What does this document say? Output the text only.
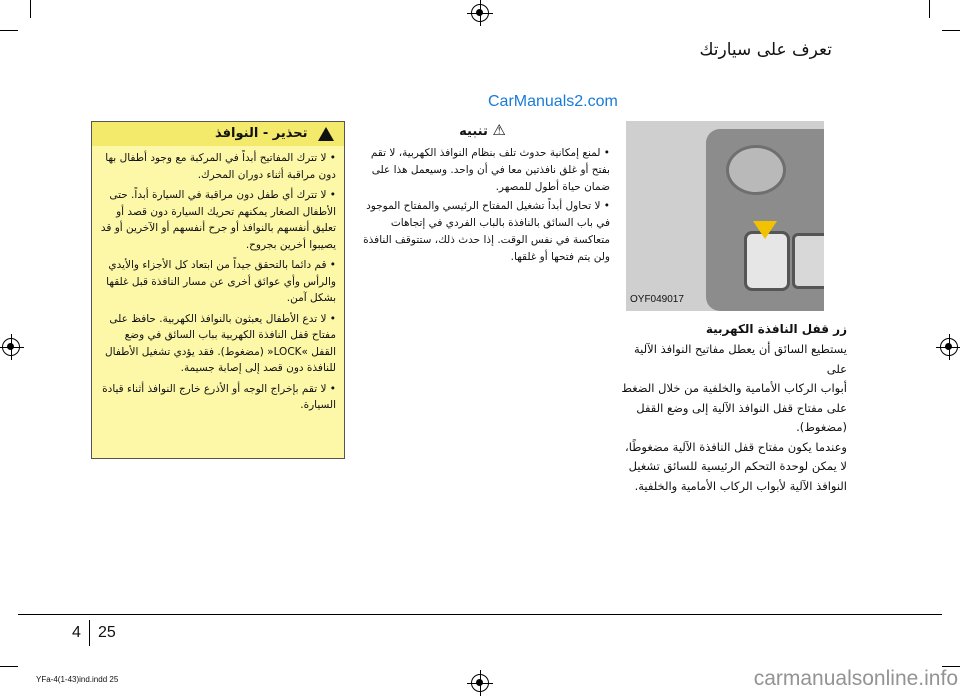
تعرف على سيارتك
CarManuals2.com
OYF049017
⚠ تنبيه
• لمنع إمكانية حدوث تلف بنظام النوافذ الكهربية، لا تقم بفتح أو غلق نافذتين معا في أن واحد. وسيعمل هذا على ضمان حياة أطول للمصهر.
• لا تحاول أبداً تشغيل المفتاح الرئيسي والمفتاح الموجود في باب السائق بالنافذة بالباب الفردي في إتجاهات متعاكسة في نفس الوقت. إذا حدث ذلك، ستتوقف النافذة ولن يتم فتحها أو غلقها.
تحذير - النوافذ
• لا تترك المفاتيح أبداً في المركبة مع وجود أطفال بها دون مراقبة أثناء دوران المحرك.
• لا تترك أي طفل دون مراقبة في السيارة أبداً. حتى الأطفال الصغار يمكنهم تحريك السيارة دون قصد أو تعليق أنفسهم بالنوافذ أو جرح أنفسهم أو الآخرين أو قد يصيبوا أخرين بجروح.
• قم دائما بالتحقق جيداً من ابتعاد كل الأجزاء والأيدي والرأس وأي عوائق أخرى عن مسار النافذة قبل غلقها بشكل آمن.
• لا تدع الأطفال يعبثون بالنوافذ الكهربية. حافظ على مفتاح قفل النافذة الكهربية بباب السائق في وضع القفل »LOCK« (مضغوط). فقد يؤدي تشغيل الأطفال للنافذة دون قصد إلى إصابة جسيمة.
• لا تقم بإخراج الوجه أو الأذرع خارج النوافذ أثناء قيادة السيارة.
زر قفل النافذة الكهربية

يستطيع السائق أن يعطل مفاتيح النوافذ الآلية على

أبواب الركاب الأمامية والخلفية من خلال الضغط

على مفتاح قفل النوافذ الآلية إلى وضع القفل

(مضغوط).

وعندما يكون مفتاح قفل النافذة الآلية مضغوطًا،

لا يمكن لوحدة التحكم الرئيسية للسائق تشغيل

النوافذ الآلية لأبواب الركاب الأمامية والخلفية.

4 25
YFa-4(1-43)ind.indd 25	carmanualsonline.info
